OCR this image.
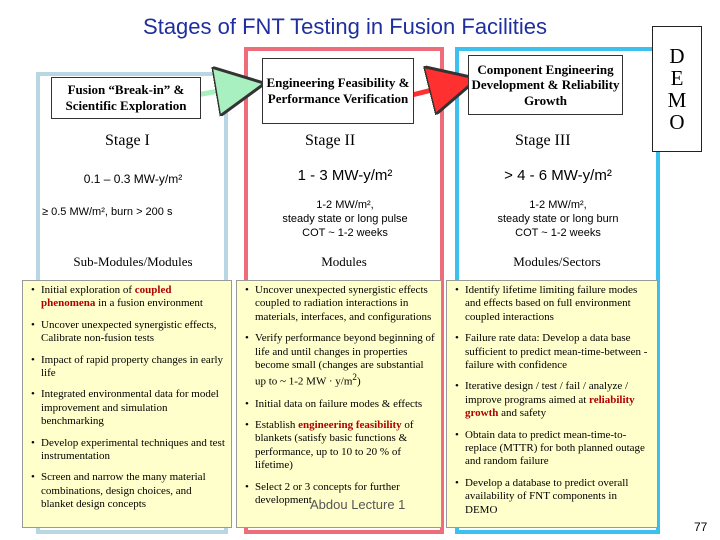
Stages of FNT Testing in Fusion Facilities
Fusion “Break-in” & Scientific Exploration
Engineering Feasibility & Performance Verification
Component Engineering Development & Reliability Growth
Stage I	Stage II	Stage III
D
E
M
O
0.1 – 0.3 MW-y/m²	1 - 3 MW-y/m²	> 4 - 6 MW-y/m²
≥ 0.5 MW/m², burn > 200 s
1-2 MW/m²,
steady state or long pulse
COT ~ 1-2 weeks
1-2 MW/m²,
steady state or long burn
COT ~ 1-2 weeks
Sub-Modules/Modules	Modules	Modules/Sectors
• Initial exploration of coupled phenomena in a fusion environment
• Uncover unexpected synergistic effects, Calibrate non-fusion tests
• Impact of rapid property changes in early life
• Integrated environmental data for model improvement and simulation benchmarking
• Develop experimental techniques and test instrumentation
• Screen and narrow the many material combinations, design choices, and blanket design concepts
• Uncover unexpected synergistic effects coupled to radiation interactions in materials, interfaces, and configurations
• Verify performance beyond beginning of life and until changes in properties become small (changes are substantial up to ~ 1-2 MW · $y/m^2$)
• Initial data on failure modes & effects
• Establish engineering feasibility of blankets (satisfy basic functions & performance, up to 10 to 20 % of lifetime)
• Select 2 or 3 concepts for further development
• Identify lifetime limiting failure modes and effects based on full environment coupled interactions
• Failure rate data: Develop a data base sufficient to predict mean-time-between -failure with confidence
• Iterative design / test / fail / analyze / improve programs aimed at reliability growth and safety
• Obtain data to predict mean-time-to-replace (MTTR) for both planned outage and random failure
• Develop a database to predict overall availability of FNT components in DEMO
Abdou Lecture 1
77
